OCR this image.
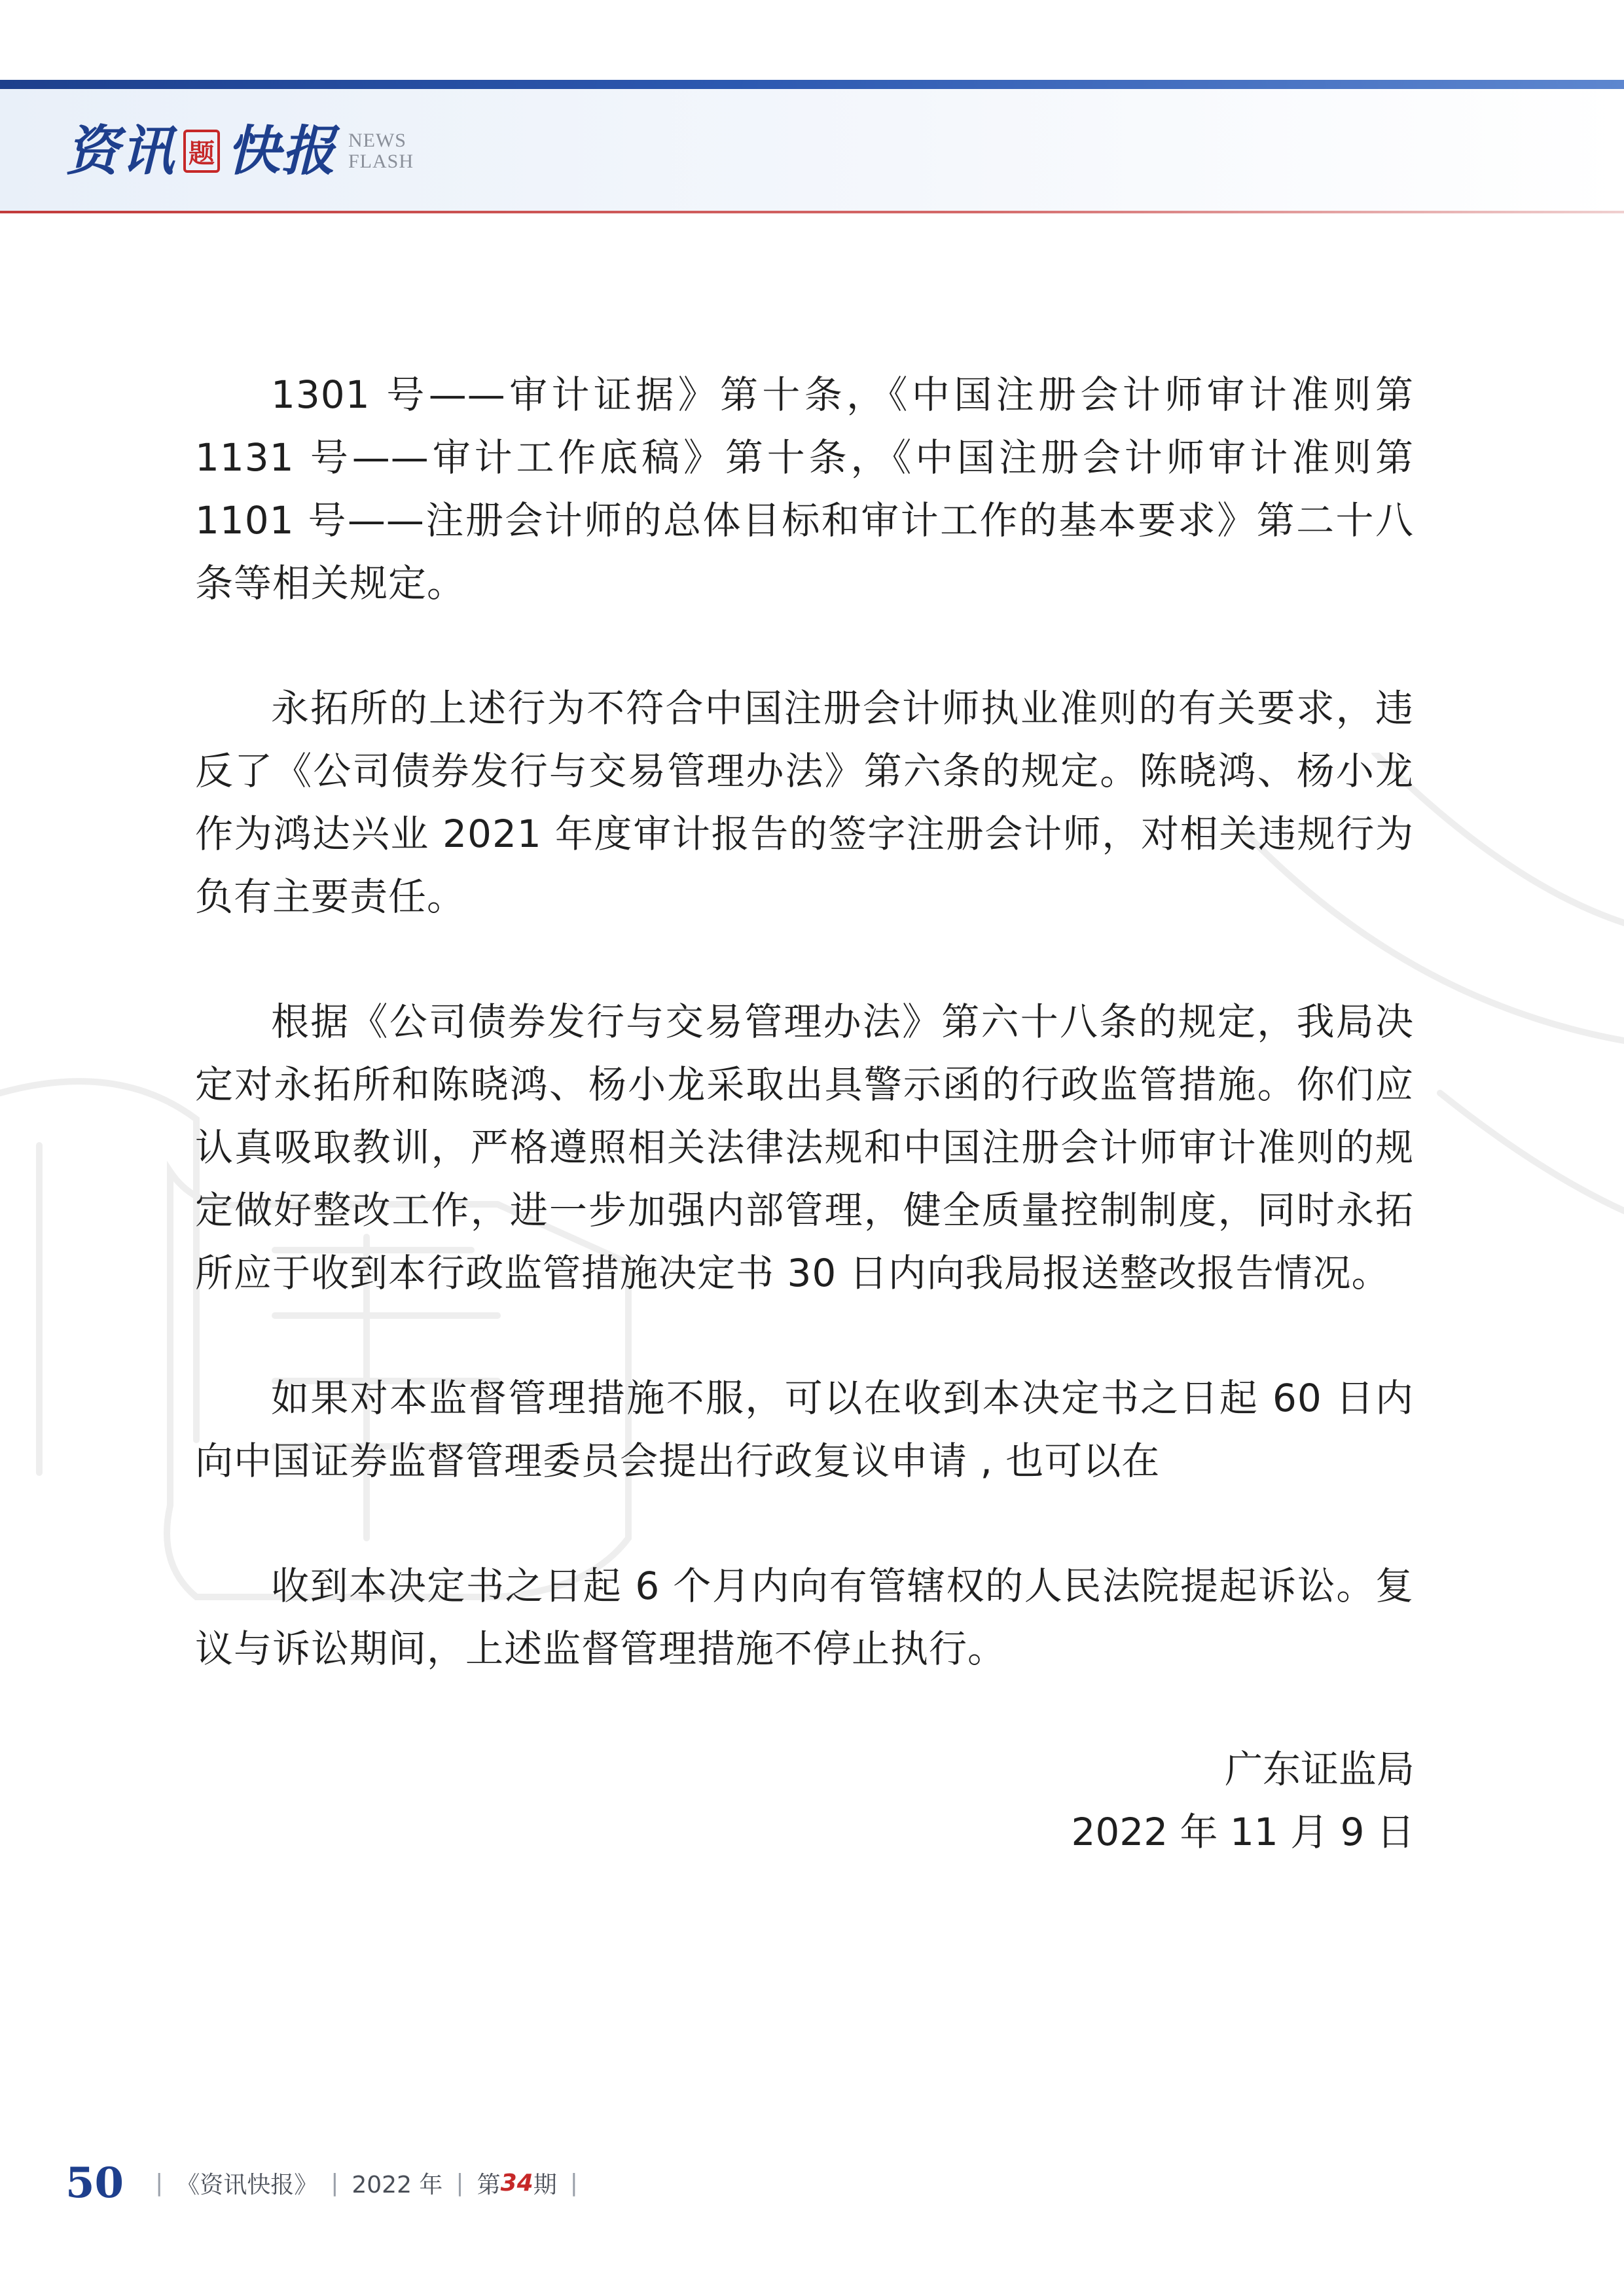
资讯 题 快报 NEWS
FLASH

1301 号——审计证据》第十条，《中国注册会计师审计准则第 1131 号——审计工作底稿》第十条，《中国注册会计师审计准则第 1101 号——注册会计师的总体目标和审计工作的基本要求》第二十八条等相关规定。

永拓所的上述行为不符合中国注册会计师执业准则的有关要求，违反了《公司债券发行与交易管理办法》第六条的规定。陈晓鸿、杨小龙作为鸿达兴业 2021 年度审计报告的签字注册会计师，对相关违规行为负有主要责任。

根据《公司债券发行与交易管理办法》第六十八条的规定，我局决定对永拓所和陈晓鸿、杨小龙采取出具警示函的行政监管措施。你们应认真吸取教训，严格遵照相关法律法规和中国注册会计师审计准则的规定做好整改工作，进一步加强内部管理，健全质量控制制度，同时永拓所应于收到本行政监管措施决定书 30 日内向我局报送整改报告情况。

如果对本监督管理措施不服，可以在收到本决定书之日起 60 日内向中国证券监督管理委员会提出行政复议申请 , 也可以在

收到本决定书之日起 6 个月内向有管辖权的人民法院提起诉讼。复议与诉讼期间，上述监督管理措施不停止执行。

广东证监局
2022 年 11 月 9 日
50 | 《资讯快报》 | 2022 年 | 第 34 期 |
